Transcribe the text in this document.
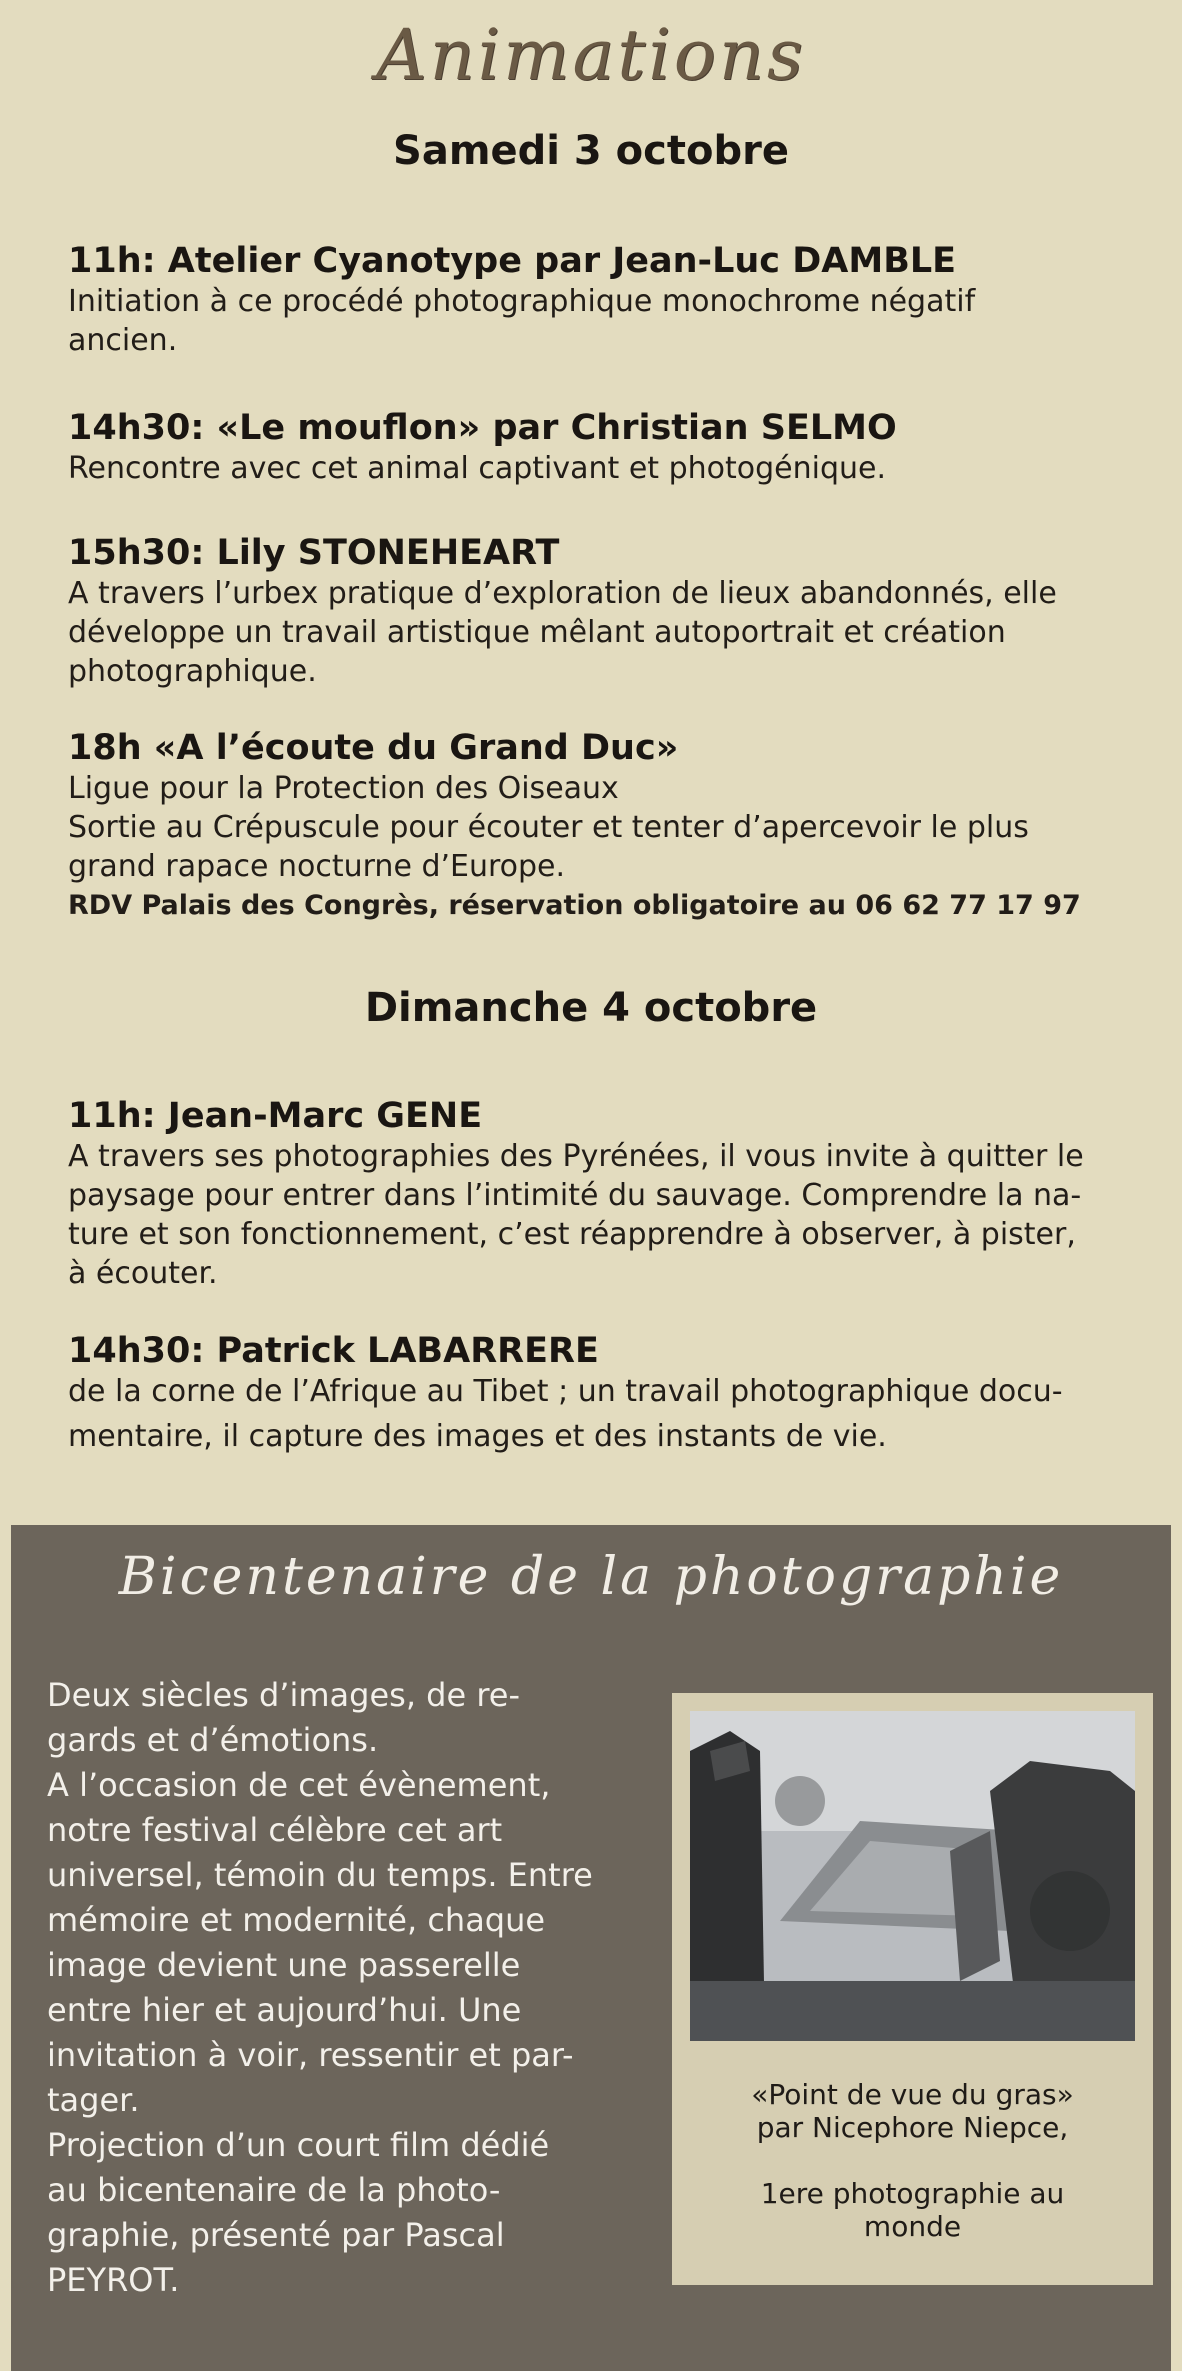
Animations
Samedi 3 octobre
11h: Atelier Cyanotype par Jean-Luc DAMBLE

Initiation à ce procédé photographique monochrome négatif

ancien.

14h30: «Le mouflon» par Christian SELMO

Rencontre avec cet animal captivant et photogénique.

15h30: Lily STONEHEART

A travers l’urbex pratique d’exploration de lieux abandonnés, elle

développe un travail artistique mêlant autoportrait et création

photographique.

18h «A l’écoute du Grand Duc»

Ligue pour la Protection des Oiseaux

Sortie au Crépuscule pour écouter et tenter d’apercevoir le plus

grand rapace nocturne d’Europe.

RDV Palais des Congrès, réservation obligatoire au 06 62 77 17 97

Dimanche 4 octobre
11h: Jean-Marc GENE

A travers ses photographies des Pyrénées, il vous invite à quitter le

paysage pour entrer dans l’intimité du sauvage. Comprendre la na-

ture et son fonctionnement, c’est réapprendre à observer, à pister,

à écouter.

14h30: Patrick LABARRERE

de la corne de l’Afrique au Tibet ; un travail photographique docu-

mentaire, il capture des images et des instants de vie.

Bicentenaire de la photographie
Deux siècles d’images, de re-
gards et d’émotions.
A l’occasion de cet évènement,
notre festival célèbre cet art
universel, témoin du temps. Entre
mémoire et modernité, chaque
image devient une passerelle
entre hier et aujourd’hui. Une
invitation à voir, ressentir et par-
tager.
Projection d’un court film dédié
au bicentenaire de la photo-
graphie, présenté par Pascal
PEYROT.
«Point de vue du gras»
par Nicephore Niepce,
1ere photographie au
monde
